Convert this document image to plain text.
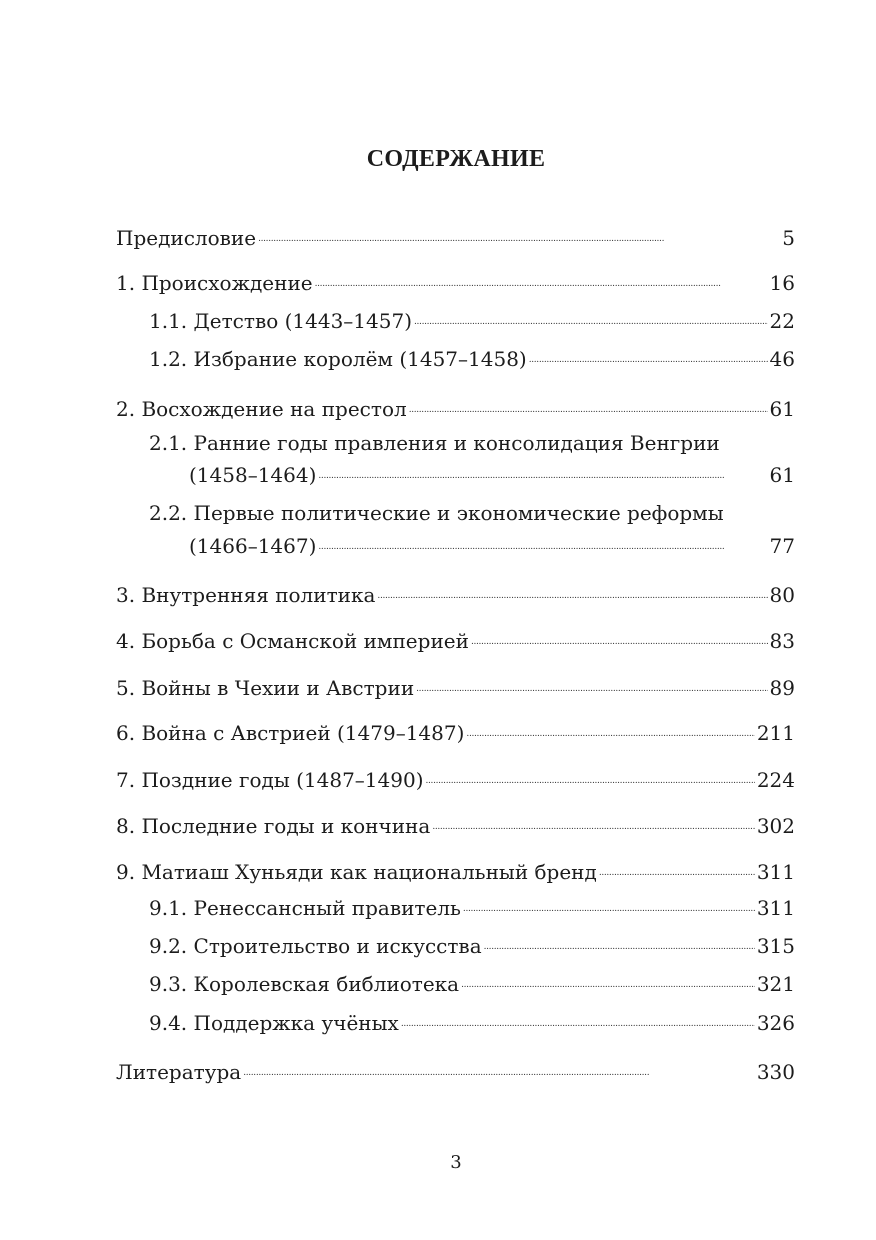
СОДЕРЖАНИЕ
Предисловие . . .	5
1. Происхождение . . .	16
1.1. Детство (1443–1457) . . .	22
1.2. Избрание королём (1457–1458) . . .	46
2. Восхождение на престол . . .	61
2.1. Ранние годы правления и консолидация Венгрии
(1458–1464) . . .	61
2.2. Первые политические и экономические реформы
(1466–1467) . . .	77
3. Внутренняя политика . . .	80
4. Борьба с Османской империей . . .	83
5. Войны в Чехии и Австрии . . .	89
6. Война с Австрией (1479–1487) . . .	211
7. Поздние годы (1487–1490) . . .	224
8. Последние годы и кончина . . .	302
9. Матиаш Хуньяди как национальный бренд . . .	311
9.1. Ренессансный правитель . . .	311
9.2. Строительство и искусства . . .	315
9.3. Королевская библиотека . . .	321
9.4. Поддержка учёных . . .	326
Литература . . .	330
3
